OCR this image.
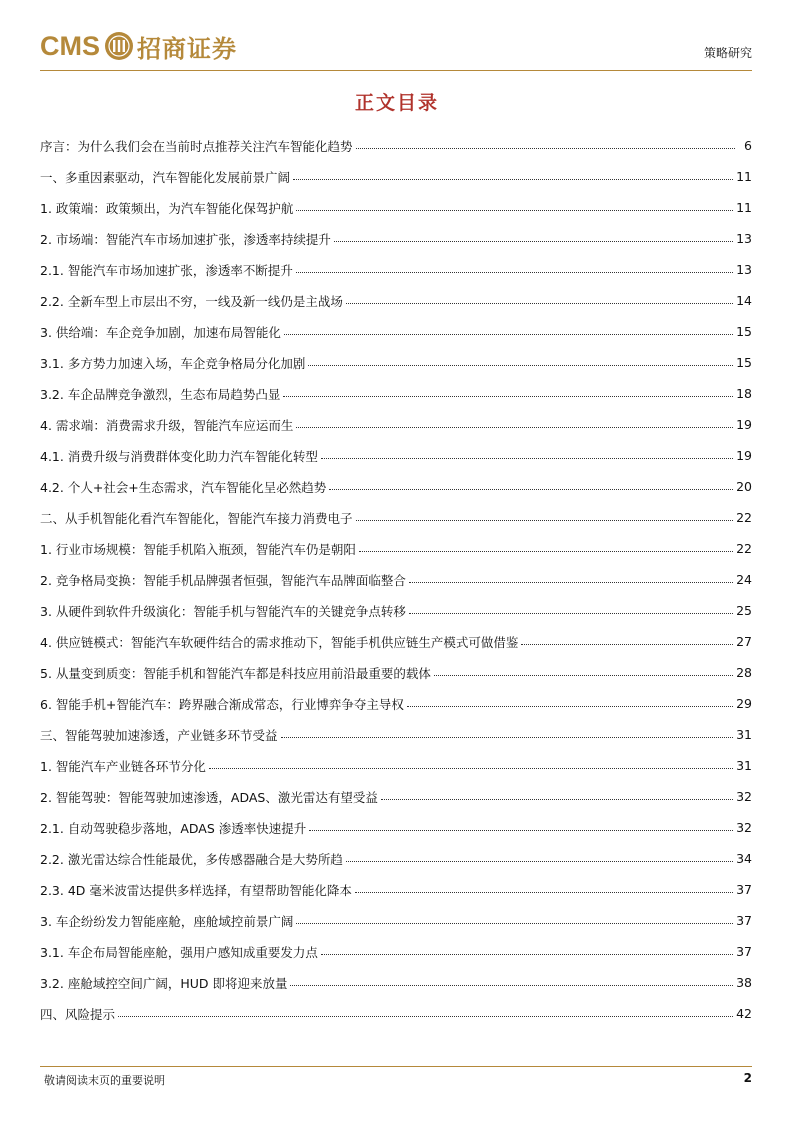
CMS 招商证券	策略研究
正文目录
序言：为什么我们会在当前时点推荐关注汽车智能化趋势	6
一、多重因素驱动，汽车智能化发展前景广阔	11
1. 政策端：政策频出，为汽车智能化保驾护航	11
2. 市场端：智能汽车市场加速扩张，渗透率持续提升	13
2.1. 智能汽车市场加速扩张，渗透率不断提升	13
2.2. 全新车型上市层出不穷，一线及新一线仍是主战场	14
3. 供给端：车企竞争加剧，加速布局智能化	15
3.1. 多方势力加速入场，车企竞争格局分化加剧	15
3.2. 车企品牌竞争激烈，生态布局趋势凸显	18
4. 需求端：消费需求升级，智能汽车应运而生	19
4.1. 消费升级与消费群体变化助力汽车智能化转型	19
4.2. 个人+社会+生态需求，汽车智能化呈必然趋势	20
二、从手机智能化看汽车智能化，智能汽车接力消费电子	22
1. 行业市场规模：智能手机陷入瓶颈，智能汽车仍是朝阳	22
2. 竞争格局变换：智能手机品牌强者恒强，智能汽车品牌面临整合	24
3. 从硬件到软件升级演化：智能手机与智能汽车的关键竞争点转移	25
4. 供应链模式：智能汽车软硬件结合的需求推动下，智能手机供应链生产模式可做借鉴	27
5. 从量变到质变：智能手机和智能汽车都是科技应用前沿最重要的载体	28
6. 智能手机+智能汽车：跨界融合渐成常态，行业博弈争夺主导权	29
三、智能驾驶加速渗透，产业链多环节受益	31
1. 智能汽车产业链各环节分化	31
2. 智能驾驶：智能驾驶加速渗透，ADAS、激光雷达有望受益	32
2.1. 自动驾驶稳步落地，ADAS 渗透率快速提升	32
2.2. 激光雷达综合性能最优，多传感器融合是大势所趋	34
2.3. 4D 毫米波雷达提供多样选择，有望帮助智能化降本	37
3. 车企纷纷发力智能座舱，座舱域控前景广阔	37
3.1. 车企布局智能座舱，强用户感知成重要发力点	37
3.2. 座舱域控空间广阔，HUD 即将迎来放量	38
四、风险提示	42
敬请阅读末页的重要说明	2
